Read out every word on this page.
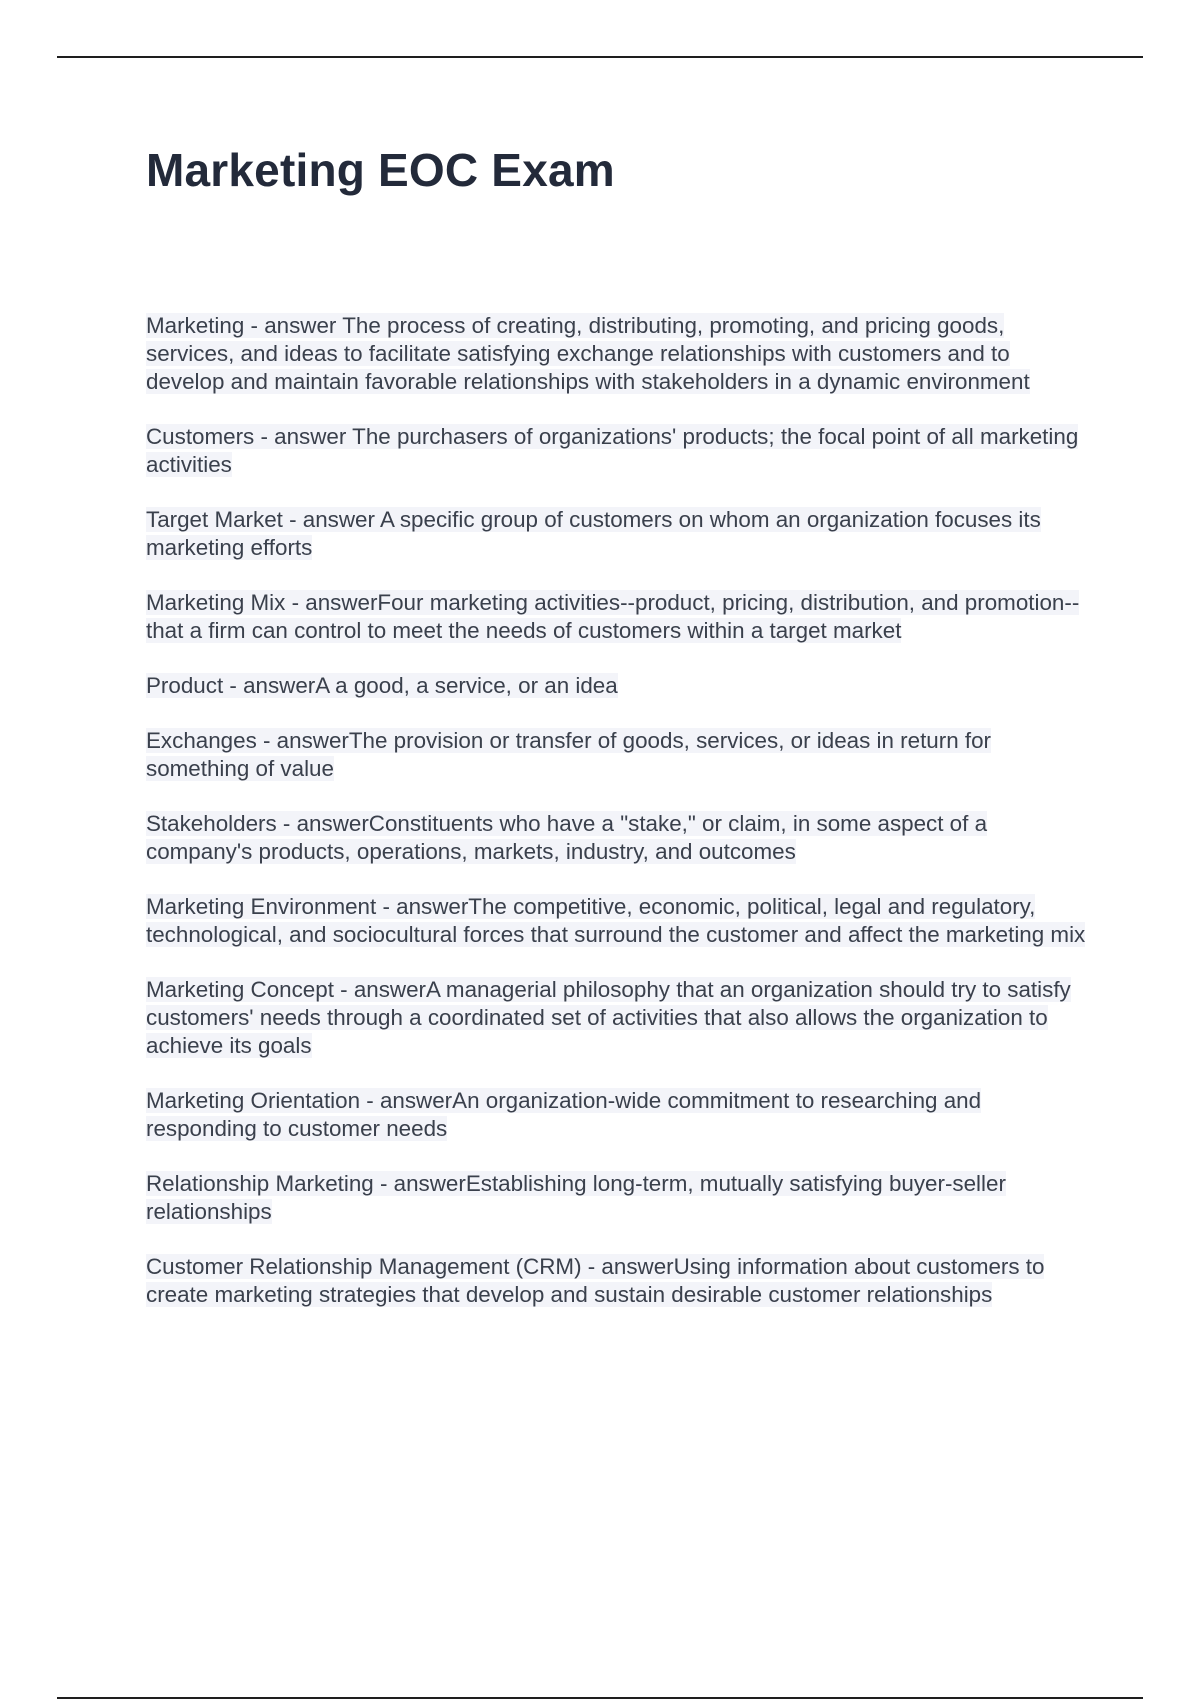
Marketing EOC Exam

Marketing - answer The process of creating, distributing, promoting, and pricing goods, services, and ideas to facilitate satisfying exchange relationships with customers and to develop and maintain favorable relationships with stakeholders in a dynamic environment

Customers - answer The purchasers of organizations' products; the focal point of all marketing activities

Target Market - answer A specific group of customers on whom an organization focuses its marketing efforts

Marketing Mix - answerFour marketing activities--product, pricing, distribution, and promotion--that a firm can control to meet the needs of customers within a target market

Product - answerA a good, a service, or an idea

Exchanges - answerThe provision or transfer of goods, services, or ideas in return for something of value

Stakeholders - answerConstituents who have a "stake," or claim, in some aspect of a company's products, operations, markets, industry, and outcomes

Marketing Environment - answerThe competitive, economic, political, legal and regulatory, technological, and sociocultural forces that surround the customer and affect the marketing mix

Marketing Concept - answerA managerial philosophy that an organization should try to satisfy customers' needs through a coordinated set of activities that also allows the organization to achieve its goals

Marketing Orientation - answerAn organization-wide commitment to researching and responding to customer needs

Relationship Marketing - answerEstablishing long-term, mutually satisfying buyer-seller relationships

Customer Relationship Management (CRM) - answerUsing information about customers to create marketing strategies that develop and sustain desirable customer relationships
